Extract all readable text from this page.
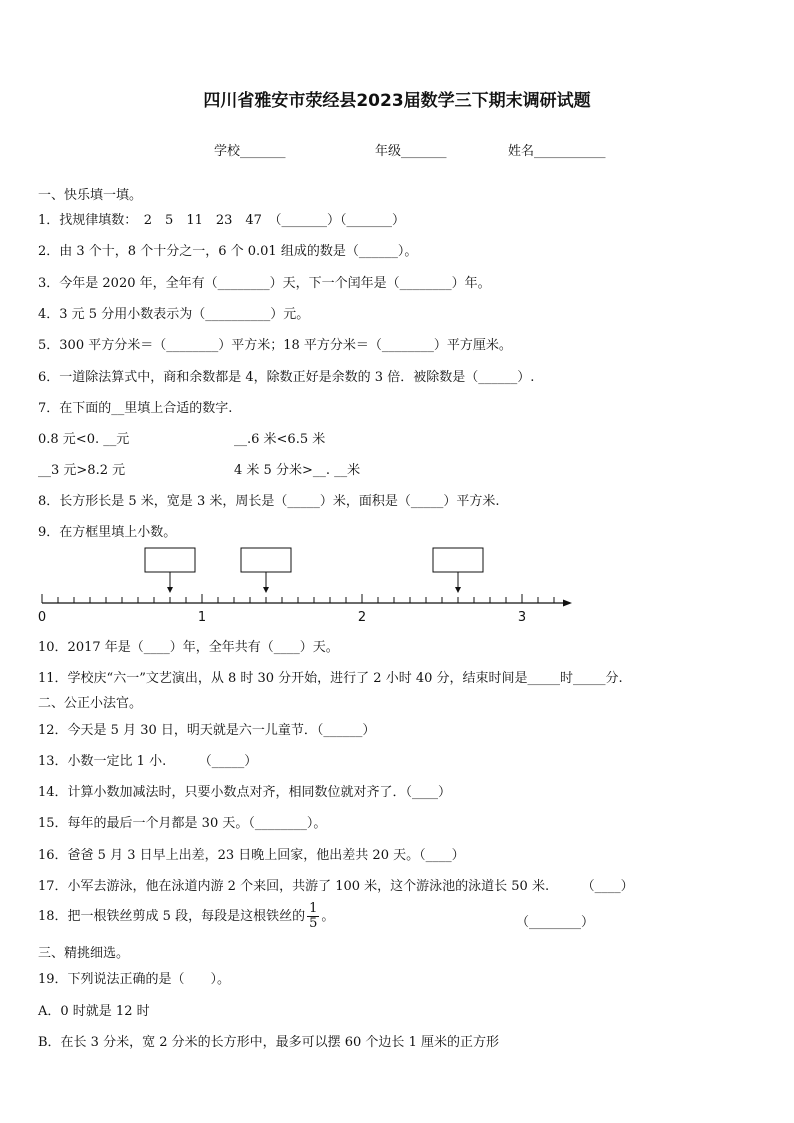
四川省雅安市荥经县2023届数学三下期末调研试题
学校_______	年级_______	姓名___________
一、快乐填一填。
1．找规律填数：　2　5　11　23　47　（_______）（_______）
2．由 3 个十，8 个十分之一，6 个 0.01 组成的数是（______）。
3．今年是 2020 年，全年有（________）天，下一个闰年是（________）年。
4．3 元 5 分用小数表示为（__________）元。
5．300 平方分米＝（________）平方米；18 平方分米＝（________）平方厘米。
6．一道除法算式中，商和余数都是 4，除数正好是余数的 3 倍．被除数是（______）.
7．在下面的__里填上合适的数字.
0.8 元<0. __元	__.6 米<6.5 米
__3 元>8.2 元	4 米 5 分米>__. __米
8．长方形长是 5 米，宽是 3 米，周长是（_____）米，面积是（_____）平方米.
9．在方框里填上小数。
0	1	2	3
10．2017 年是（____）年，全年共有（____）天。
11．学校庆“六一”文艺演出，从 8 时 30 分开始，进行了 2 小时 40 分，结束时间是_____时_____分.
二、公正小法官。
12．今天是 5 月 30 日，明天就是六一儿童节．（______）
13．小数一定比 1 小.　　　（_____）
14．计算小数加减法时，只要小数点对齐，相同数位就对齐了．（____）
15．每年的最后一个月都是 30 天。（________）。
16．爸爸 5 月 3 日早上出差，23 日晚上回家，他出差共 20 天。（____）
17．小军去游泳，他在泳道内游 2 个来回，共游了 100 米，这个游泳池的泳道长 50 米.　　　（____）
18．把一根铁丝剪成 5 段，每段是这根铁丝的 $\frac{1}{5}$ 。	（________）
三、精挑细选。
19．下列说法正确的是（　　）。
A．0 时就是 12 时
B．在长 3 分米，宽 2 分米的长方形中，最多可以摆 60 个边长 1 厘米的正方形
